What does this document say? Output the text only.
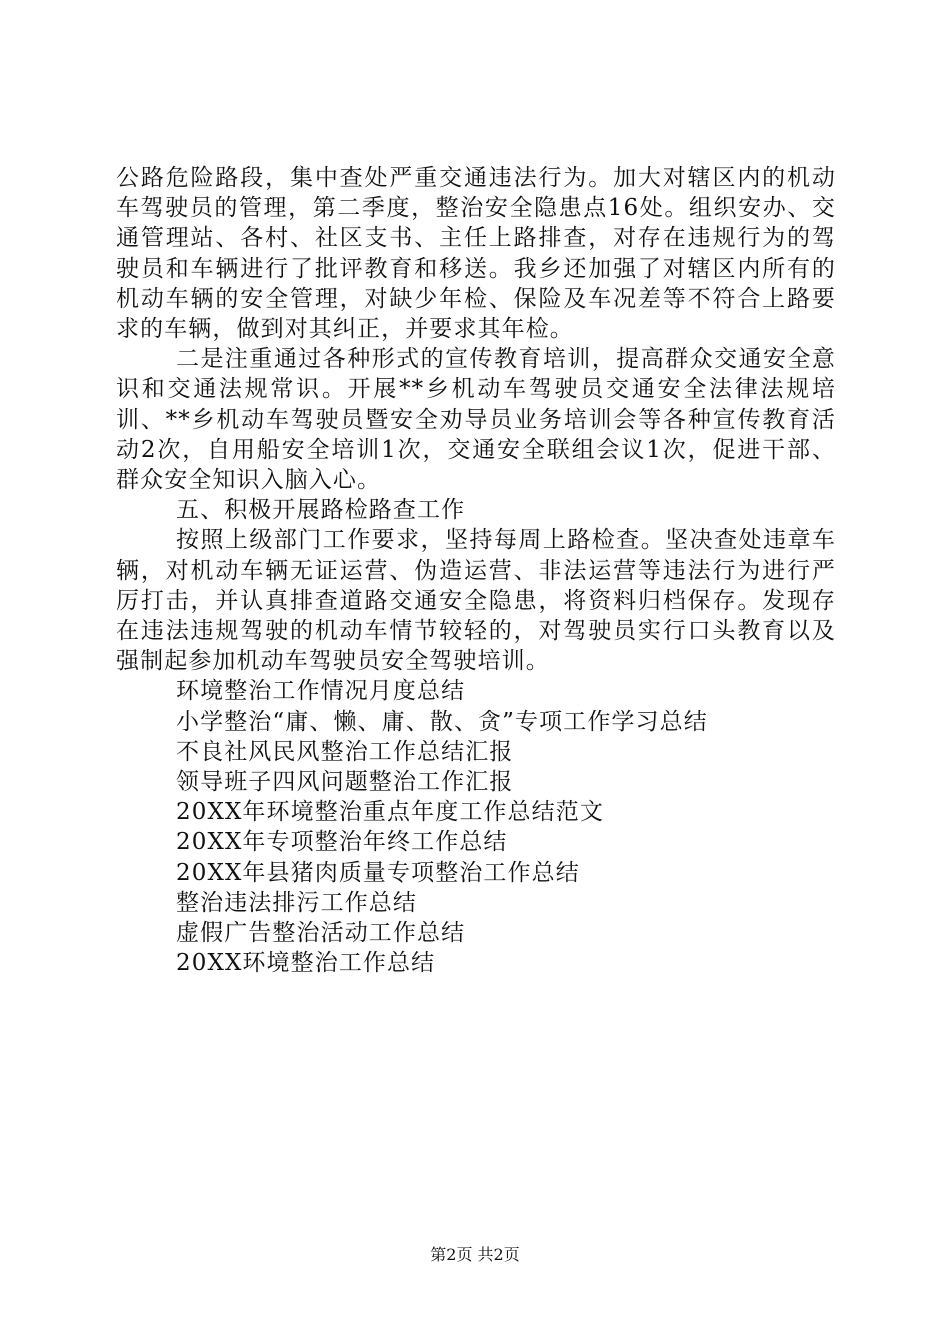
公路危险路段，集中查处严重交通违法行为。加大对辖区内的机动车驾驶员的管理，第二季度，整治安全隐患点16处。组织安办、交通管理站、各村、社区支书、主任上路排查，对存在违规行为的驾驶员和车辆进行了批评教育和移送。我乡还加强了对辖区内所有的机动车辆的安全管理，对缺少年检、保险及车况差等不符合上路要求的车辆，做到对其纠正，并要求其年检。

二是注重通过各种形式的宣传教育培训，提高群众交通安全意识和交通法规常识。开展**乡机动车驾驶员交通安全法律法规培训、**乡机动车驾驶员暨安全劝导员业务培训会等各种宣传教育活动2次，自用船安全培训1次，交通安全联组会议1次，促进干部、群众安全知识入脑入心。

五、积极开展路检路查工作

按照上级部门工作要求，坚持每周上路检查。坚决查处违章车辆，对机动车辆无证运营、伪造运营、非法运营等违法行为进行严厉打击，并认真排查道路交通安全隐患，将资料归档保存。发现存在违法违规驾驶的机动车情节较轻的，对驾驶员实行口头教育以及强制起参加机动车驾驶员安全驾驶培训。

环境整治工作情况月度总结
小学整治“庸、懒、庸、散、贪”专项工作学习总结
不良社风民风整治工作总结汇报
领导班子四风问题整治工作汇报
20XX年环境整治重点年度工作总结范文
20XX年专项整治年终工作总结
20XX年县猪肉质量专项整治工作总结
整治违法排污工作总结
虚假广告整治活动工作总结
20XX环境整治工作总结
第2页 共2页
